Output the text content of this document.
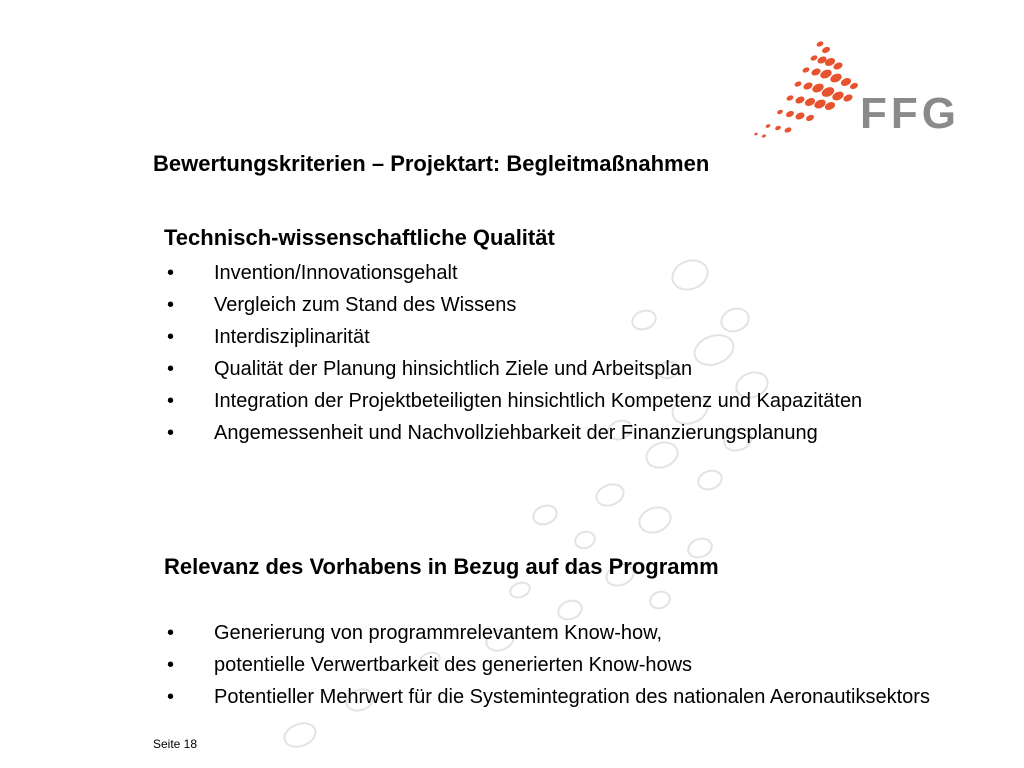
FFG
Bewertungskriterien – Projektart: Begleitmaßnahmen
Technisch-wissenschaftliche Qualität
• Invention/Innovationsgehalt
• Vergleich zum Stand des Wissens
• Interdisziplinarität
• Qualität der Planung hinsichtlich Ziele und Arbeitsplan
• Integration der Projektbeteiligten hinsichtlich Kompetenz und Kapazitäten
• Angemessenheit und Nachvollziehbarkeit der Finanzierungsplanung
Relevanz des Vorhabens in Bezug auf das Programm
• Generierung von programmrelevantem Know-how,
• potentielle Verwertbarkeit des generierten Know-hows
• Potentieller Mehrwert für die Systemintegration des nationalen Aeronautiksektors
Seite 18
